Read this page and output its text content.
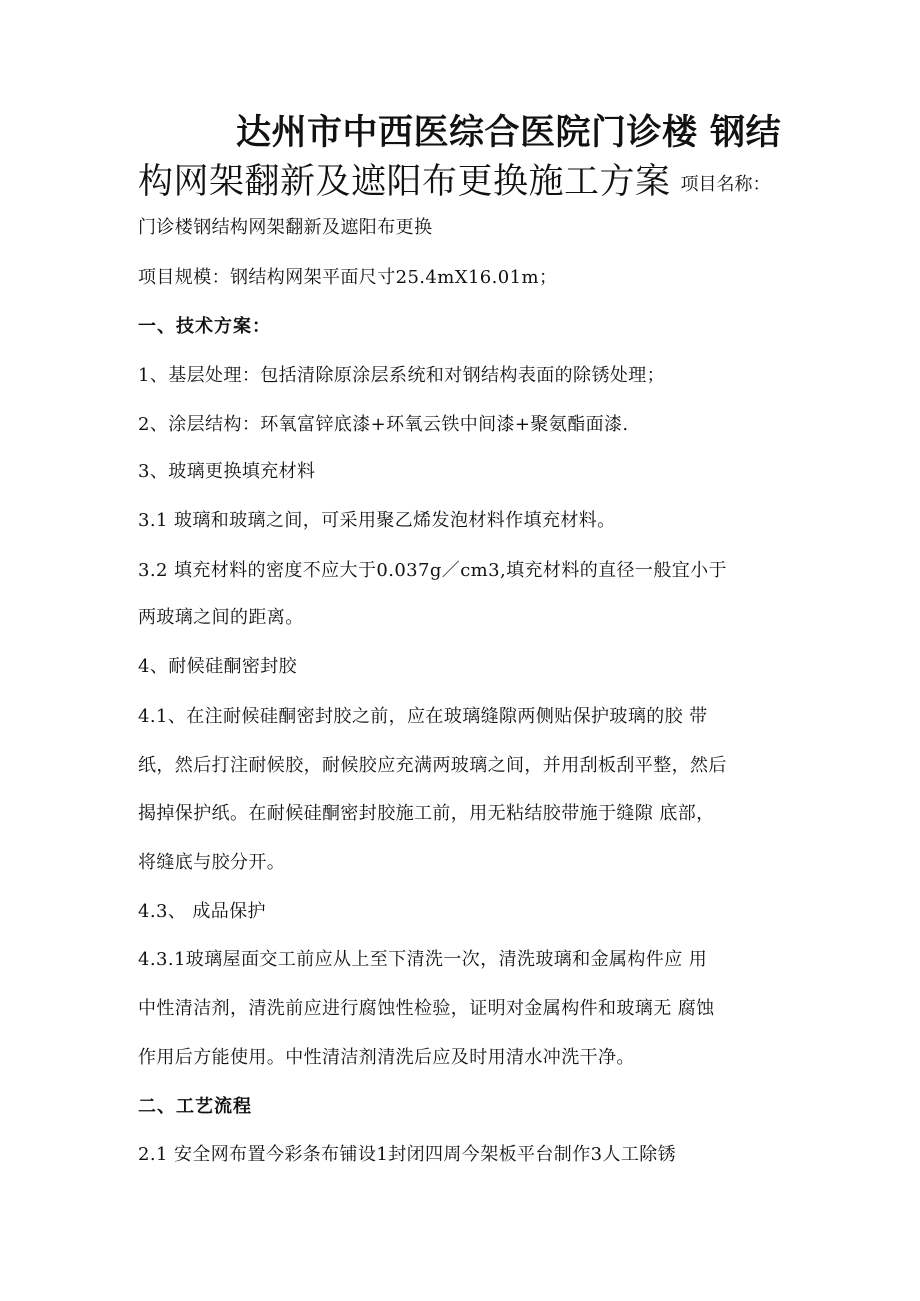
达州市中西医综合医院门诊楼 钢结
构网架翻新及遮阳布更换施工方案 项目名称：

门诊楼钢结构网架翻新及遮阳布更换

项目规模：钢结构网架平面尺寸25.4mX16.01m；

一、技术方案：

1、基层处理：包括清除原涂层系统和对钢结构表面的除锈处理；

2、涂层结构：环氧富锌底漆+环氧云铁中间漆+聚氨酯面漆.

3、玻璃更换填充材料

3.1 玻璃和玻璃之间，可采用聚乙烯发泡材料作填充材料。

3.2 填充材料的密度不应大于0.037g／cm3,填充材料的直径一般宜小于

两玻璃之间的距离。

4、耐候硅酮密封胶

4.1、在注耐候硅酮密封胶之前，应在玻璃缝隙两侧贴保护玻璃的胶 带

纸，然后打注耐候胶，耐候胶应充满两玻璃之间，并用刮板刮平整，然后

揭掉保护纸。在耐候硅酮密封胶施工前，用无粘结胶带施于缝隙 底部，

将缝底与胶分开。

4.3、 成品保护

4.3.1玻璃屋面交工前应从上至下清洗一次，清洗玻璃和金属构件应 用

中性清洁剂，清洗前应进行腐蚀性检验，证明对金属构件和玻璃无 腐蚀

作用后方能使用。中性清洁剂清洗后应及时用清水冲洗干净。

二、工艺流程

2.1 安全网布置今彩条布铺设1封闭四周今架板平台制作3人工除锈
